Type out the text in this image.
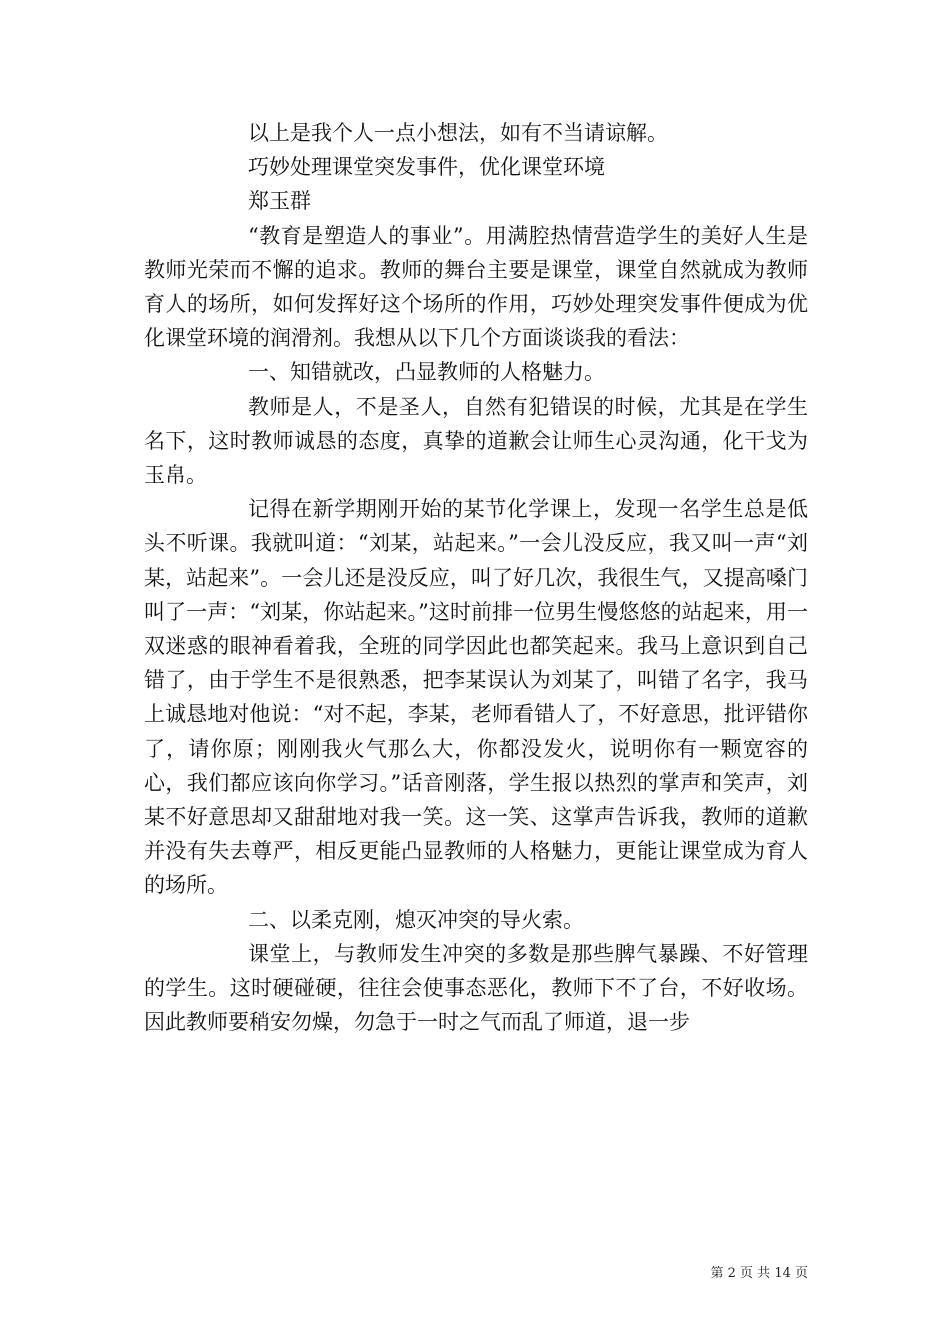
以上是我个人一点小想法，如有不当请谅解。

巧妙处理课堂突发事件，优化课堂环境

郑玉群

“教育是塑造人的事业”。用满腔热情营造学生的美好人生是教师光荣而不懈的追求。教师的舞台主要是课堂，课堂自然就成为教师育人的场所，如何发挥好这个场所的作用，巧妙处理突发事件便成为优化课堂环境的润滑剂。我想从以下几个方面谈谈我的看法：

一、知错就改，凸显教师的人格魅力。

教师是人，不是圣人，自然有犯错误的时候，尤其是在学生名下，这时教师诚恳的态度，真挚的道歉会让师生心灵沟通，化干戈为玉帛。

记得在新学期刚开始的某节化学课上，发现一名学生总是低头不听课。我就叫道：“刘某，站起来。”一会儿没反应，我又叫一声“刘某，站起来”。一会儿还是没反应，叫了好几次，我很生气，又提高嗓门叫了一声：“刘某，你站起来。”这时前排一位男生慢悠悠的站起来，用一双迷惑的眼神看着我，全班的同学因此也都笑起来。我马上意识到自己错了，由于学生不是很熟悉，把李某误认为刘某了，叫错了名字，我马上诚恳地对他说：“对不起，李某，老师看错人了，不好意思，批评错你了，请你原；刚刚我火气那么大，你都没发火，说明你有一颗宽容的心，我们都应该向你学习。”话音刚落，学生报以热烈的掌声和笑声，刘某不好意思却又甜甜地对我一笑。这一笑、这掌声告诉我，教师的道歉并没有失去尊严，相反更能凸显教师的人格魅力，更能让课堂成为育人的场所。

二、以柔克刚，熄灭冲突的导火索。

课堂上，与教师发生冲突的多数是那些脾气暴躁、不好管理的学生。这时硬碰硬，往往会使事态恶化，教师下不了台，不好收场。因此教师要稍安勿燥，勿急于一时之气而乱了师道，退一步

第 2 页 共 14 页
